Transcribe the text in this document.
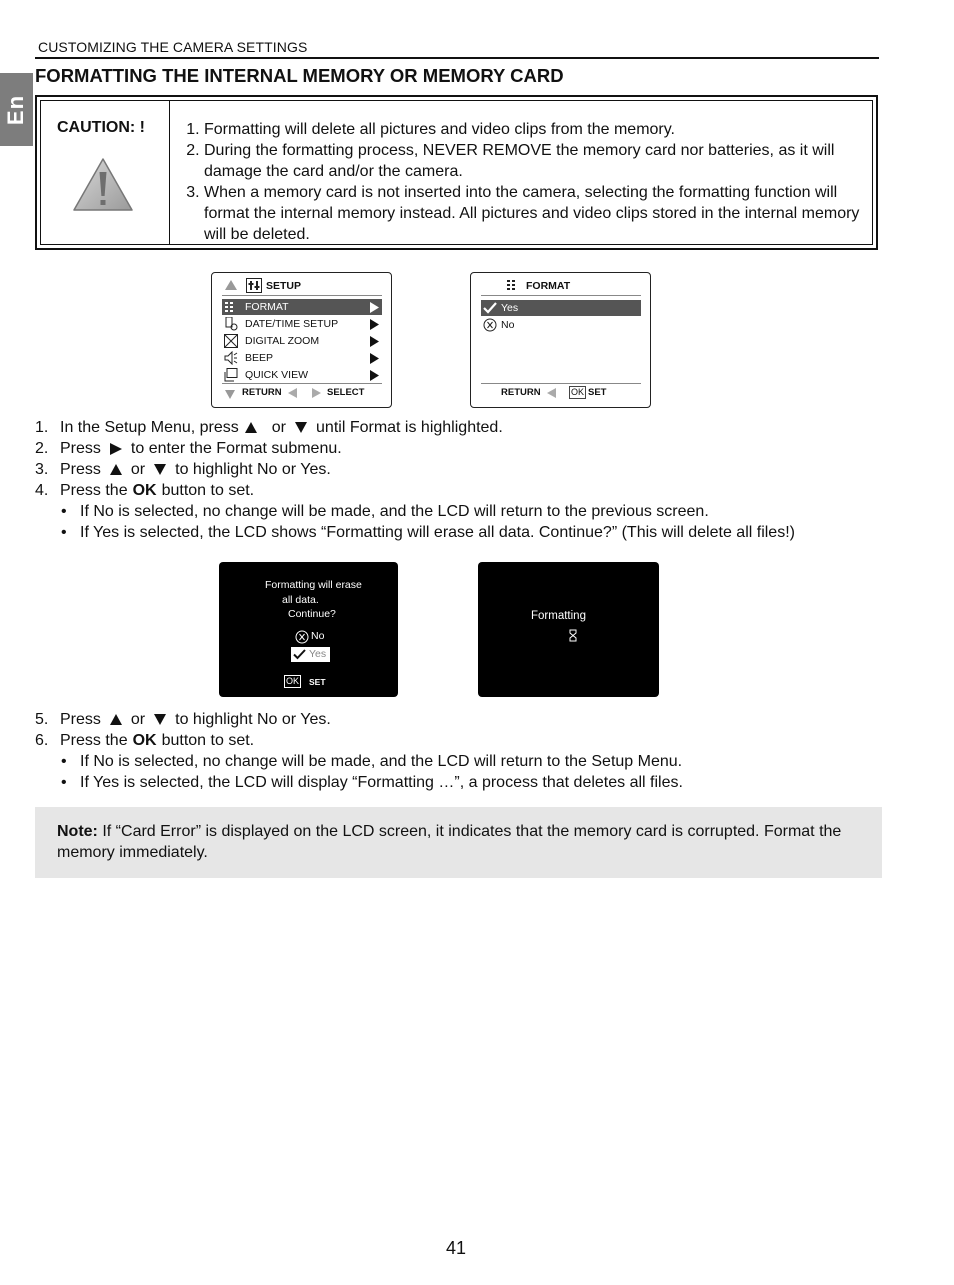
CUSTOMIZING THE CAMERA SETTINGS
En
FORMATTING THE INTERNAL MEMORY OR MEMORY CARD
CAUTION: !
1.	Formatting will delete all pictures and video clips from the memory.
2. During the formatting process, NEVER REMOVE the memory card nor batteries, as it will damage the card and/or the camera.
3. When a memory card is not inserted into the camera, selecting the formatting function will format the internal memory instead. All pictures and video clips stored in the internal memory will be deleted.
SETUP
FORMAT
DATE/TIME SETUP
DIGITAL ZOOM
BEEP
QUICK VIEW
RETURN	SELECT
FORMAT
Yes
No
RETURN	OK SET
1. In the Setup Menu, press or until Format is highlighted.
2. Press to enter the Format submenu.
3. Press or to highlight No or Yes.
4. Press the OK button to set.
• If No is selected, no change will be made, and the LCD will return to the previous screen.
• If Yes is selected, the LCD shows “Formatting will erase all data. Continue?” (This will delete all files!)
Formatting will erase
all data.
Continue?
No
Yes
OK SET
Formatting
5. Press or to highlight No or Yes.
6. Press the OK button to set.
• If No is selected, no change will be made, and the LCD will return to the Setup Menu.
• If Yes is selected, the LCD will display “Formatting …”, a process that deletes all files.
Note: If “Card Error” is displayed on the LCD screen, it indicates that the memory card is corrupted. Format the memory immediately.
41
